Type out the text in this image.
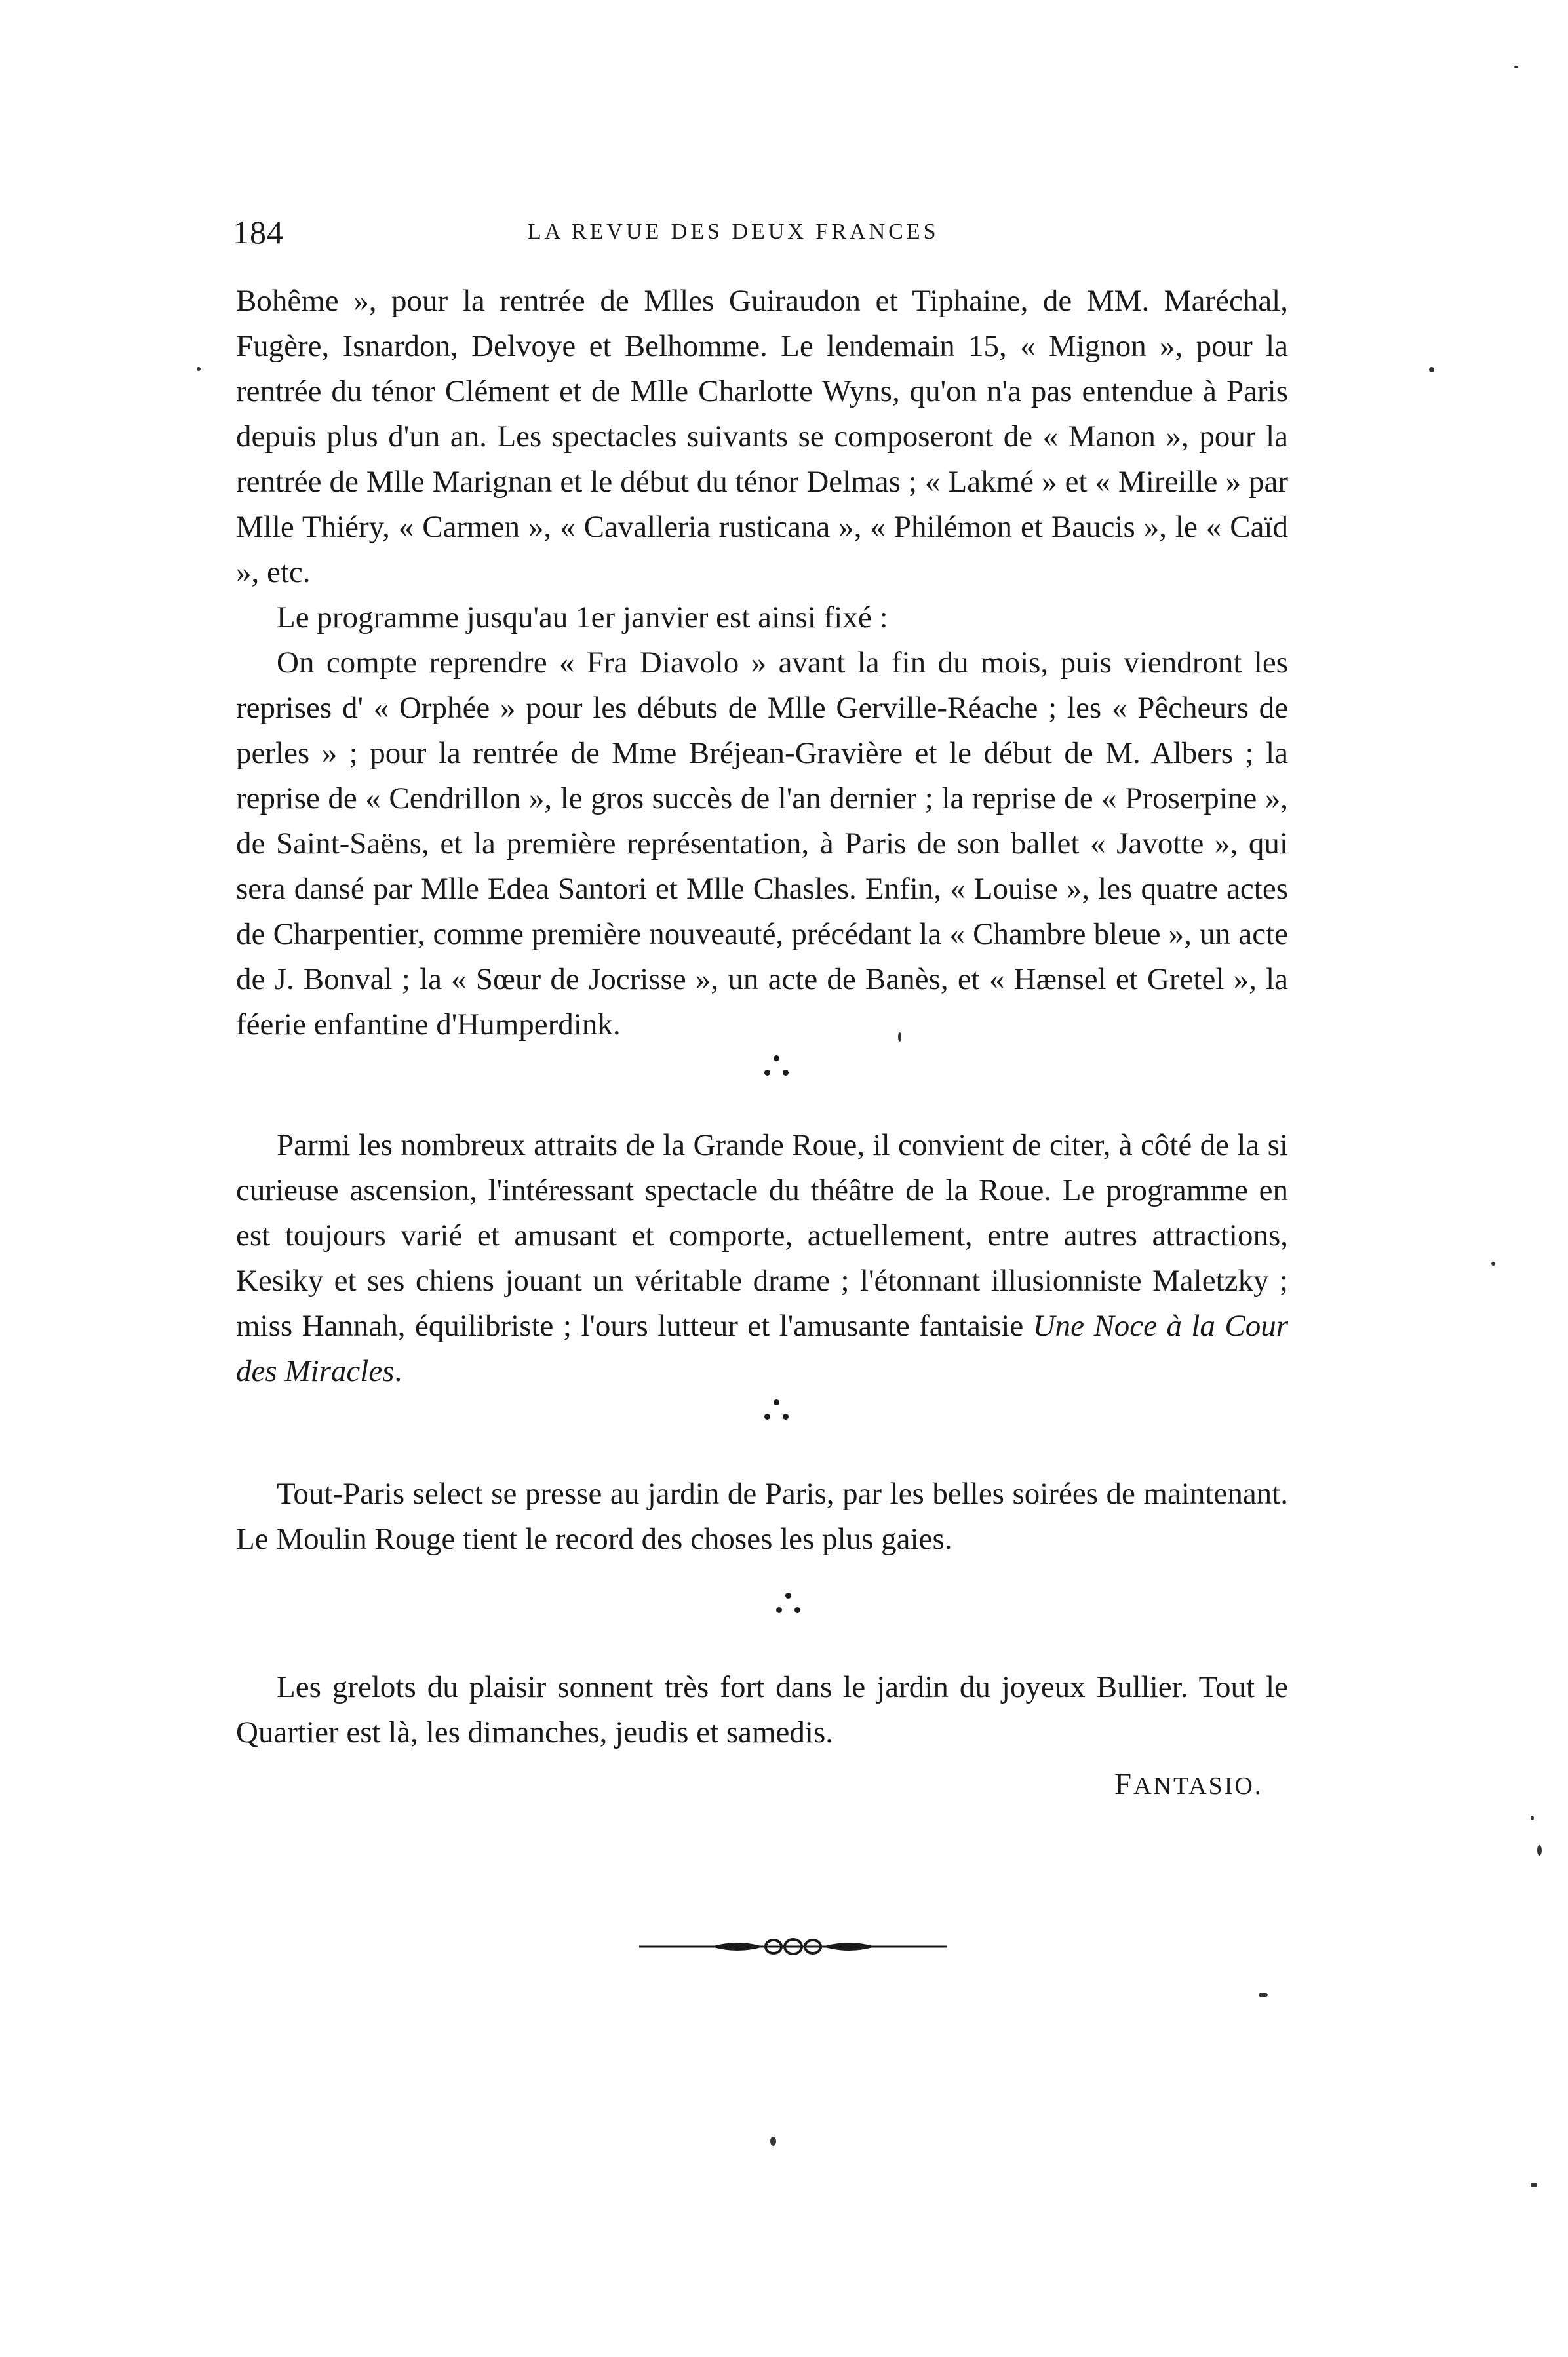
184	LA REVUE DES DEUX FRANCES

Bohême », pour la rentrée de Mlles Guiraudon et Tiphaine, de MM. Maréchal, Fugère, Isnardon, Delvoye et Belhomme. Le lendemain 15, « Mignon », pour la rentrée du ténor Clément et de Mlle Charlotte Wyns, qu'on n'a pas entendue à Paris depuis plus d'un an. Les spectacles suivants se composeront de « Manon », pour la rentrée de Mlle Marignan et le début du ténor Delmas ; « Lakmé » et « Mireille » par Mlle Thiéry, « Carmen », « Cavalleria rusticana », « Philémon et Baucis », le « Caïd », etc.

Le programme jusqu'au 1er janvier est ainsi fixé :

On compte reprendre « Fra Diavolo » avant la fin du mois, puis viendront les reprises d' « Orphée » pour les débuts de Mlle Gerville-Réache ; les « Pêcheurs de perles » ; pour la rentrée de Mme Bréjean-Gravière et le début de M. Albers ; la reprise de « Cendrillon », le gros succès de l'an dernier ; la reprise de « Proserpine », de Saint-Saëns, et la première représentation, à Paris de son ballet « Javotte », qui sera dansé par Mlle Edea Santori et Mlle Chasles. Enfin, « Louise », les quatre actes de Charpentier, comme première nouveauté, précédant la « Chambre bleue », un acte de J. Bonval ; la « Sœur de Jocrisse », un acte de Banès, et « Hænsel et Gretel », la féerie enfantine d'Humperdink.

Parmi les nombreux attraits de la Grande Roue, il convient de citer, à côté de la si curieuse ascension, l'intéressant spectacle du théâtre de la Roue. Le programme en est toujours varié et amusant et comporte, actuellement, entre autres attractions, Kesiky et ses chiens jouant un véritable drame ; l'étonnant illusionniste Maletzky ; miss Hannah, équilibriste ; l'ours lutteur et l'amusante fantaisie Une Noce à la Cour des Miracles.

Tout-Paris select se presse au jardin de Paris, par les belles soirées de maintenant. Le Moulin Rouge tient le record des choses les plus gaies.

Les grelots du plaisir sonnent très fort dans le jardin du joyeux Bullier. Tout le Quartier est là, les dimanches, jeudis et samedis.

FANTASIO.
